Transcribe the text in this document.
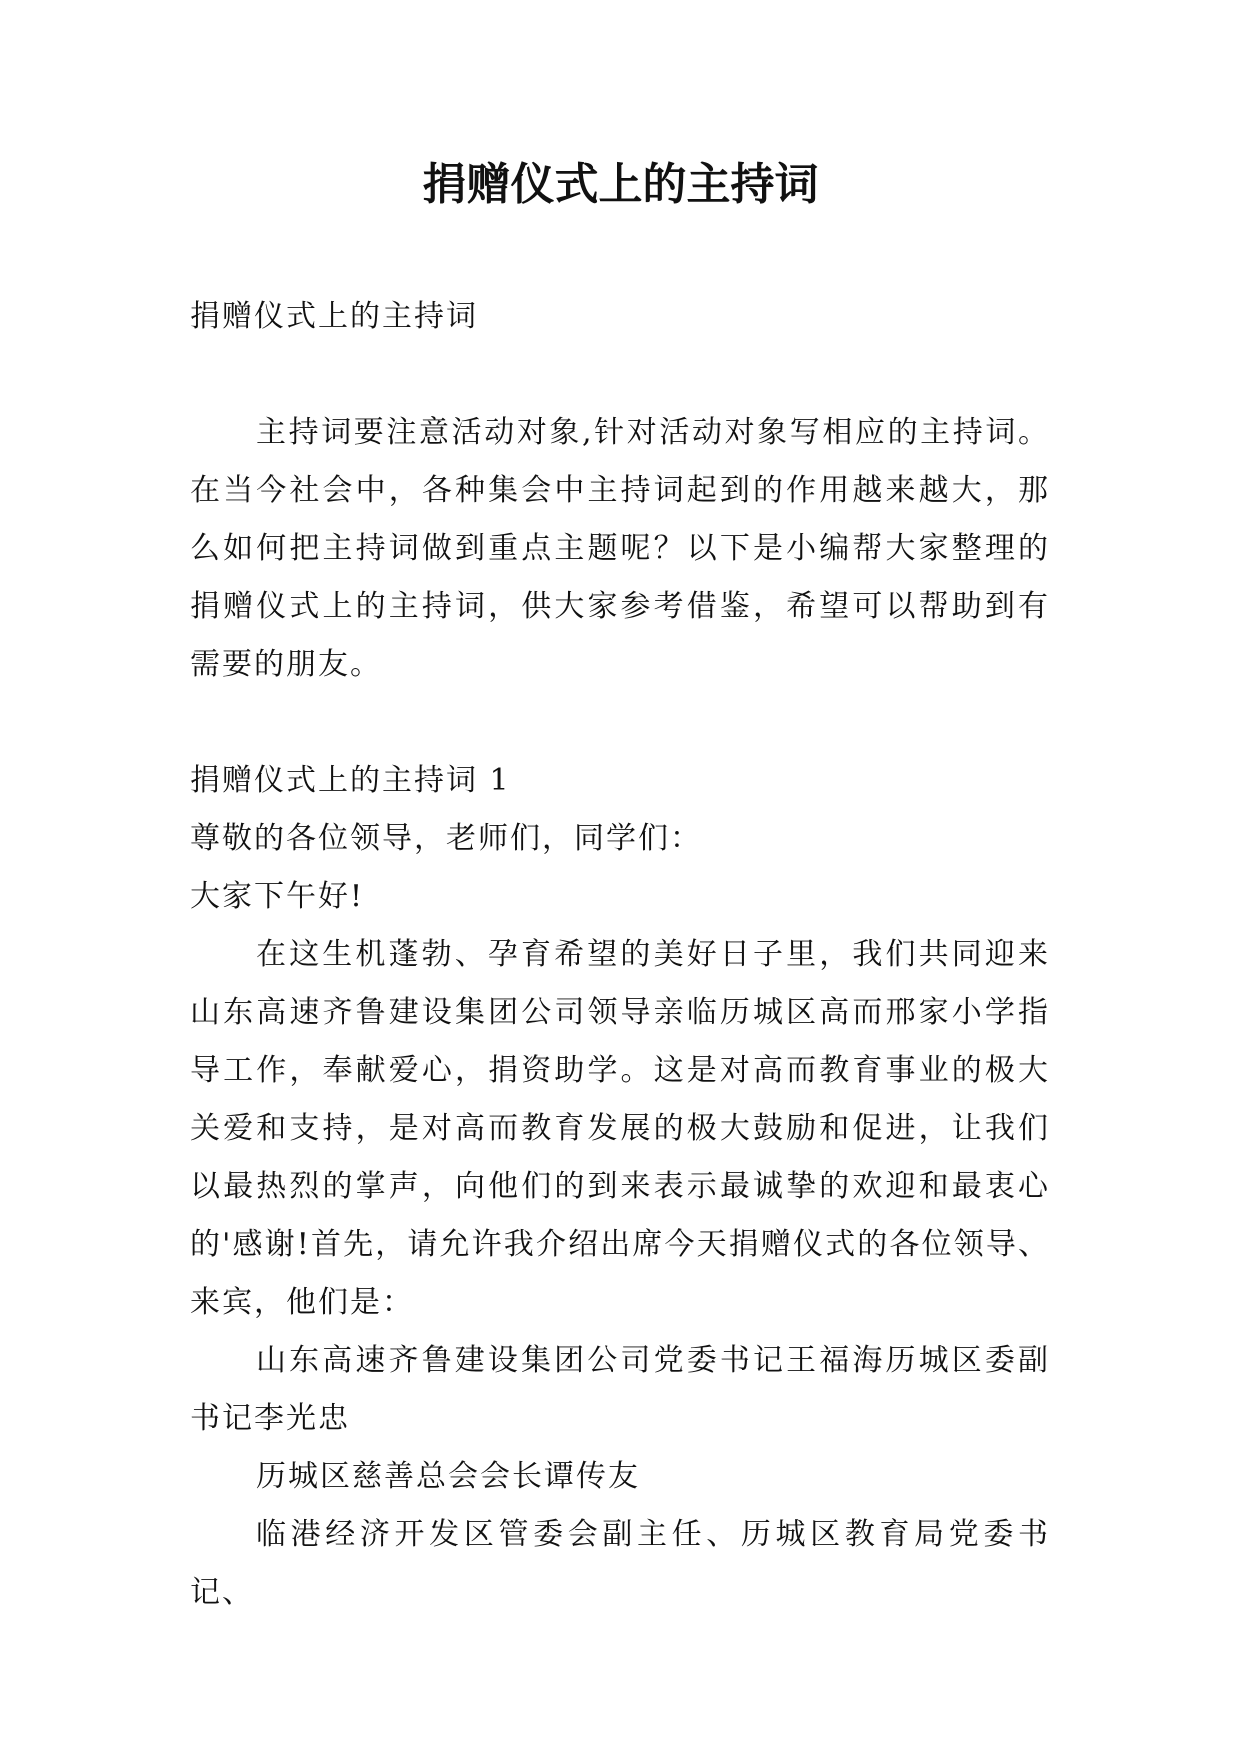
捐赠仪式上的主持词
捐赠仪式上的主持词

主持词要注意活动对象,针对活动对象写相应的主持词。在当今社会中，各种集会中主持词起到的作用越来越大，那么如何把主持词做到重点主题呢？以下是小编帮大家整理的捐赠仪式上的主持词，供大家参考借鉴，希望可以帮助到有需要的朋友。

捐赠仪式上的主持词 1
尊敬的各位领导，老师们，同学们：
大家下午好!

在这生机蓬勃、孕育希望的美好日子里，我们共同迎来山东高速齐鲁建设集团公司领导亲临历城区高而邢家小学指导工作，奉献爱心，捐资助学。这是对高而教育事业的极大关爱和支持，是对高而教育发展的极大鼓励和促进，让我们以最热烈的掌声，向他们的到来表示最诚挚的欢迎和最衷心的'感谢!首先，请允许我介绍出席今天捐赠仪式的各位领导、来宾，他们是：

山东高速齐鲁建设集团公司党委书记王福海历城区委副书记李光忠

历城区慈善总会会长谭传友

临港经济开发区管委会副主任、历城区教育局党委书记、
